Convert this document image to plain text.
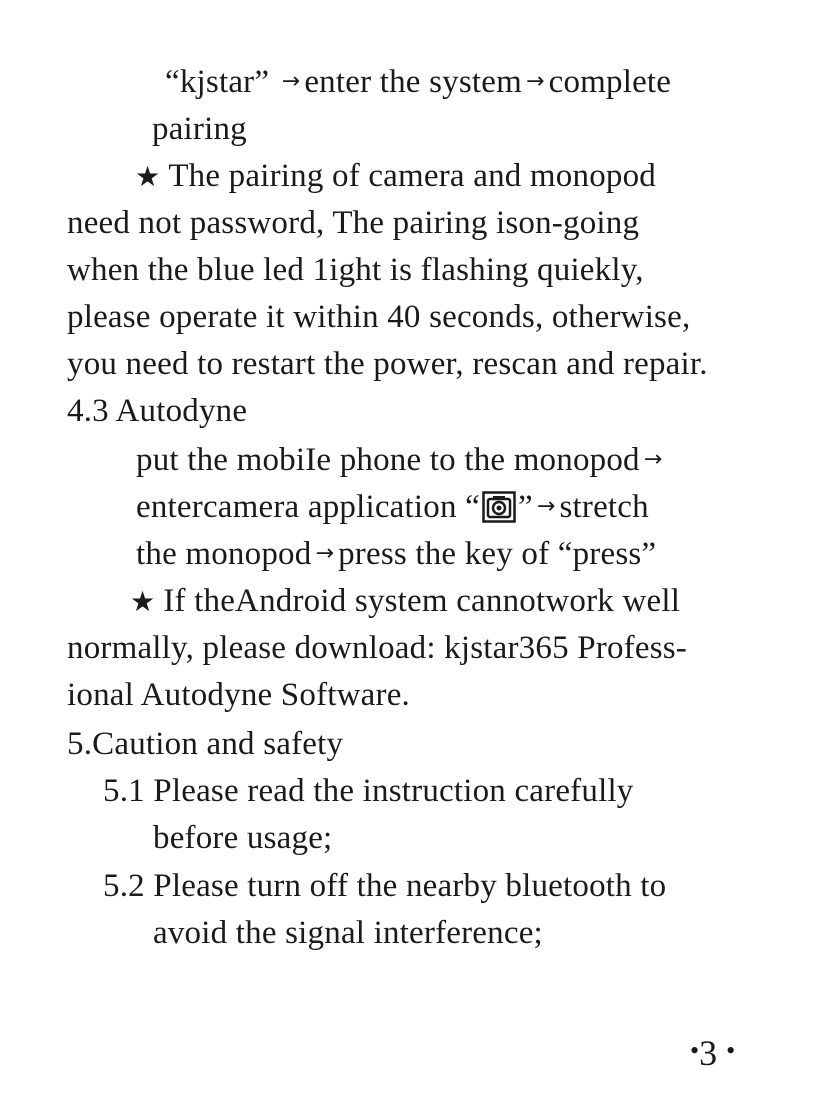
“kjstar” → enter the system → complete
pairing
★ The pairing of camera and monopod
need not password, The pairing ison-going
when the blue led 1ight is flashing quiekly,
please operate it within 40 seconds, otherwise,
you need to restart the power, rescan and repair.
4.3 Autodyne
put the mobiIe phone to the monopod →
entercamera application “ ” → stretch
the monopod → press the key of “press”
★ If theAndroid system cannotwork well
normally, please download: kjstar365 Profess-
ional Autodyne Software.
5.Caution and safety
5.1 Please read the instruction carefully
before usage;
5.2 Please turn off the nearby bluetooth to
avoid the signal interference;
•3 •
